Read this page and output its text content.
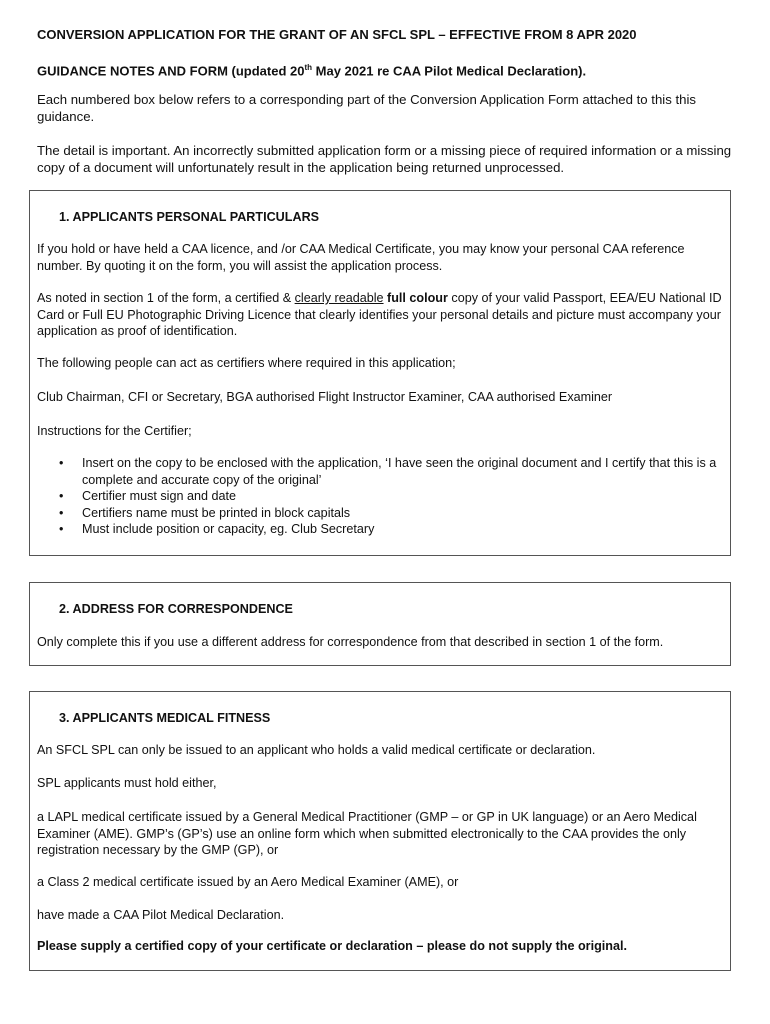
CONVERSION APPLICATION FOR THE GRANT OF AN SFCL SPL – EFFECTIVE FROM 8 APR 2020
GUIDANCE NOTES AND FORM (updated 20th May 2021 re CAA Pilot Medical Declaration).
Each numbered box below refers to a corresponding part of the Conversion Application Form attached to this this guidance.
The detail is important. An incorrectly submitted application form or a missing piece of required information or a missing copy of a document will unfortunately result in the application being returned unprocessed.
1. APPLICANTS PERSONAL PARTICULARS
If you hold or have held a CAA licence, and /or CAA Medical Certificate, you may know your personal CAA reference number. By quoting it on the form, you will assist the application process.
As noted in section 1 of the form, a certified & clearly readable full colour copy of your valid Passport, EEA/EU National ID Card or Full EU Photographic Driving Licence that clearly identifies your personal details and picture must accompany your application as proof of identification.
The following people can act as certifiers where required in this application;
Club Chairman, CFI or Secretary, BGA authorised Flight Instructor Examiner, CAA authorised Examiner
Instructions for the Certifier;
• Insert on the copy to be enclosed with the application, ‘I have seen the original document and I certify that this is a complete and accurate copy of the original’
• Certifier must sign and date
• Certifiers name must be printed in block capitals
• Must include position or capacity, eg. Club Secretary
2. ADDRESS FOR CORRESPONDENCE
Only complete this if you use a different address for correspondence from that described in section 1 of the form.
3. APPLICANTS MEDICAL FITNESS
An SFCL SPL can only be issued to an applicant who holds a valid medical certificate or declaration.
SPL applicants must hold either,
a LAPL medical certificate issued by a General Medical Practitioner (GMP – or GP in UK language) or an Aero Medical Examiner (AME). GMP’s (GP’s) use an online form which when submitted electronically to the CAA provides the only registration necessary by the GMP (GP), or
a Class 2 medical certificate issued by an Aero Medical Examiner (AME), or
have made a CAA Pilot Medical Declaration.
Please supply a certified copy of your certificate or declaration – please do not supply the original.
